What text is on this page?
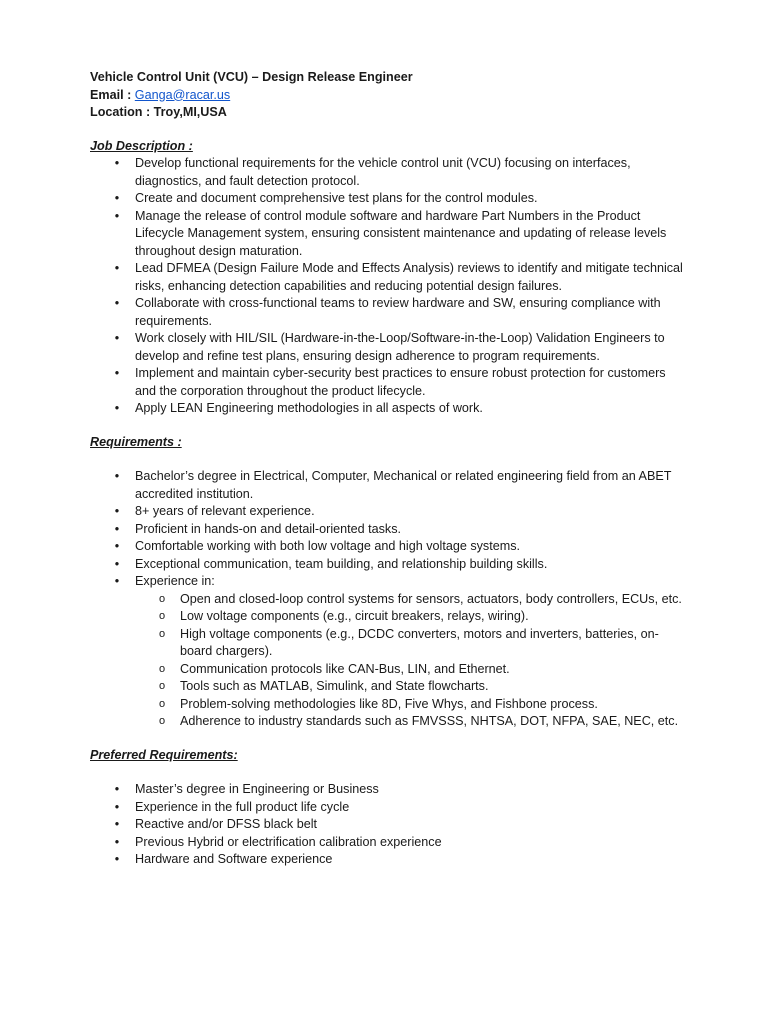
Vehicle Control Unit (VCU) – Design Release Engineer
Email : Ganga@racar.us
Location : Troy,MI,USA
Job Description :
• Develop functional requirements for the vehicle control unit (VCU) focusing on interfaces, diagnostics, and fault detection protocol.
• Create and document comprehensive test plans for the control modules.
• Manage the release of control module software and hardware Part Numbers in the Product Lifecycle Management system, ensuring consistent maintenance and updating of release levels throughout design maturation.
• Lead DFMEA (Design Failure Mode and Effects Analysis) reviews to identify and mitigate technical risks, enhancing detection capabilities and reducing potential design failures.
• Collaborate with cross-functional teams to review hardware and SW, ensuring compliance with requirements.
• Work closely with HIL/SIL (Hardware-in-the-Loop/Software-in-the-Loop) Validation Engineers to develop and refine test plans, ensuring design adherence to program requirements.
• Implement and maintain cyber-security best practices to ensure robust protection for customers and the corporation throughout the product lifecycle.
• Apply LEAN Engineering methodologies in all aspects of work.
Requirements :
• Bachelor’s degree in Electrical, Computer, Mechanical or related engineering field from an ABET accredited institution.
• 8+ years of relevant experience.
• Proficient in hands-on and detail-oriented tasks.
• Comfortable working with both low voltage and high voltage systems.
• Exceptional communication, team building, and relationship building skills.
• Experience in:
o Open and closed-loop control systems for sensors, actuators, body controllers, ECUs, etc.
o Low voltage components (e.g., circuit breakers, relays, wiring).
o High voltage components (e.g., DCDC converters, motors and inverters, batteries, on-board chargers).
o Communication protocols like CAN-Bus, LIN, and Ethernet.
o Tools such as MATLAB, Simulink, and State flowcharts.
o Problem-solving methodologies like 8D, Five Whys, and Fishbone process.
o Adherence to industry standards such as FMVSSS, NHTSA, DOT, NFPA, SAE, NEC, etc.
Preferred Requirements:
• Master’s degree in Engineering or Business
• Experience in the full product life cycle
• Reactive and/or DFSS black belt
• Previous Hybrid or electrification calibration experience
• Hardware and Software experience
